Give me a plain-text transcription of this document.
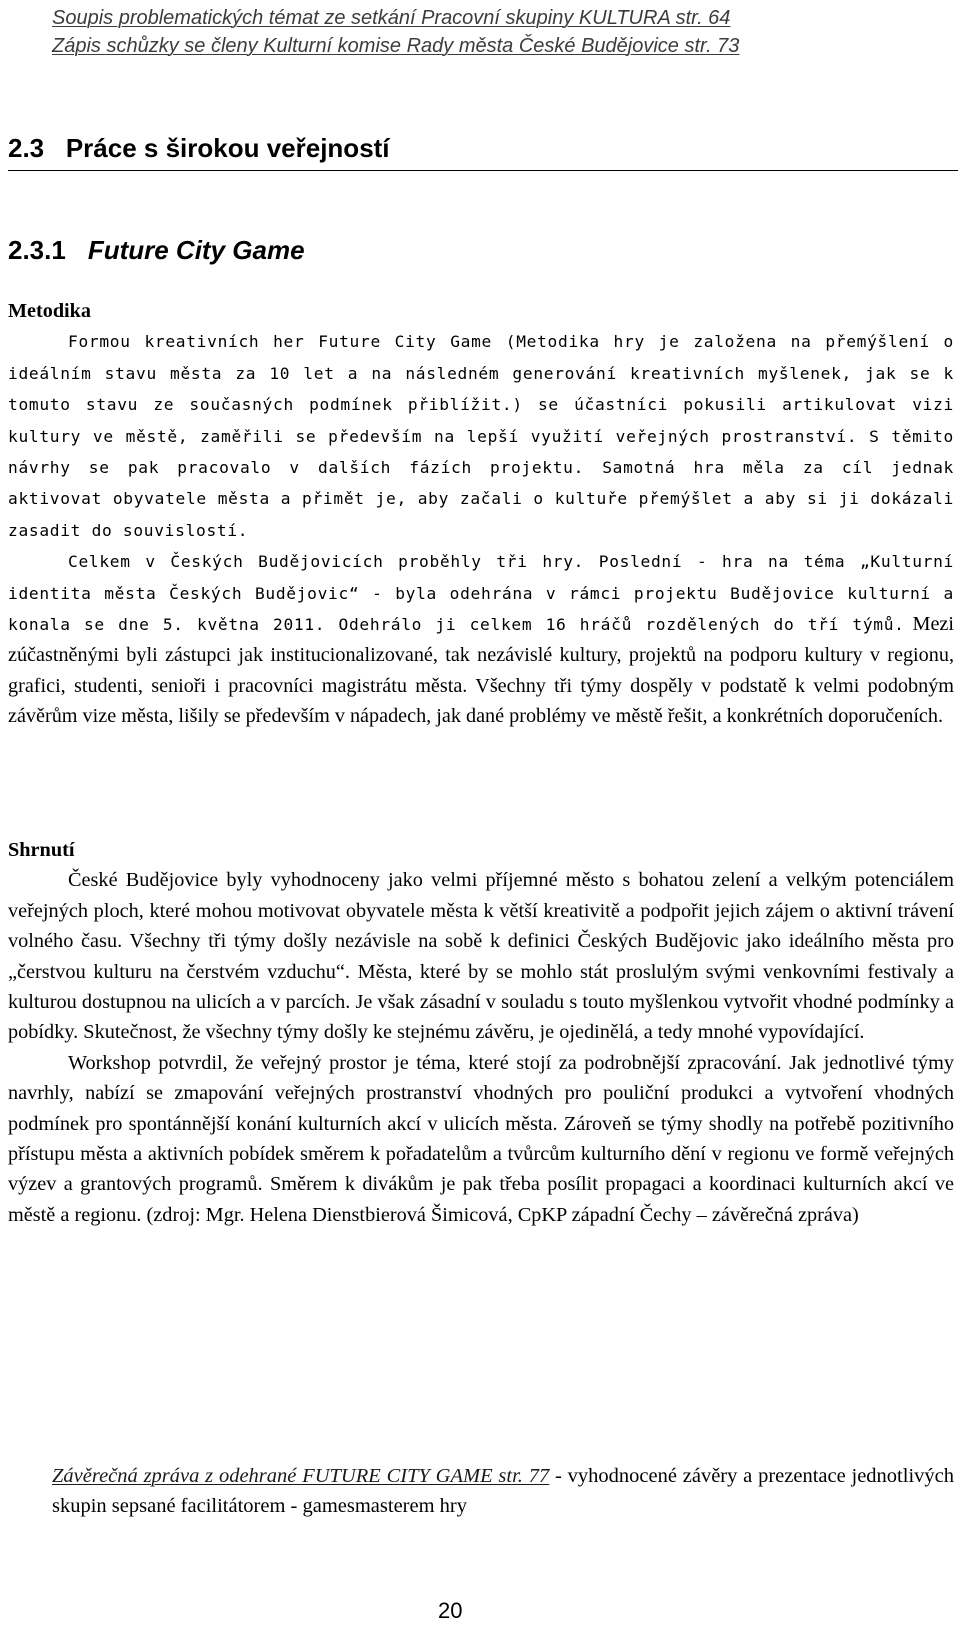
Soupis problematických témat ze setkání Pracovní skupiny KULTURA str. 64
Zápis schůzky se členy Kulturní komise Rady města České Budějovice str. 73
2.3 Práce s širokou veřejností
2.3.1 Future City Game
Metodika

Formou kreativních her Future City Game (Metodika hry je založena na přemýšlení o ideálním stavu města za 10 let a na následném generování kreativních myšlenek, jak se k tomuto stavu ze současných podmínek přiblížit.) se účastníci pokusili artikulovat vizi kultury ve městě, zaměřili se především na lepší využití veřejných prostranství. S těmito návrhy se pak pracovalo v dalších fázích projektu. Samotná hra měla za cíl jednak aktivovat obyvatele města a přimět je, aby začali o kultuře přemýšlet a aby si ji dokázali zasadit do souvislostí.

Celkem v Českých Budějovicích proběhly tři hry. Poslední - hra na téma „Kulturní identita města Českých Budějovic“ - byla odehrána v rámci projektu Budějovice kulturní a konala se dne 5. května 2011. Odehrálo ji celkem 16 hráčů rozdělených do tří týmů. Mezi zúčastněnými byli zástupci jak institucionalizované, tak nezávislé kultury, projektů na podporu kultury v regionu, grafici, studenti, senioři i pracovníci magistrátu města. Všechny tři týmy dospěly v podstatě k velmi podobným závěrům vize města, lišily se především v nápadech, jak dané problémy ve městě řešit, a konkrétních doporučeních.

Shrnutí

České Budějovice byly vyhodnoceny jako velmi příjemné město s bohatou zelení a velkým potenciálem veřejných ploch, které mohou motivovat obyvatele města k větší kreativitě a podpořit jejich zájem o aktivní trávení volného času. Všechny tři týmy došly nezávisle na sobě k definici Českých Budějovic jako ideálního města pro „čerstvou kulturu na čerstvém vzduchu“. Města, které by se mohlo stát proslulým svými venkovními festivaly a kulturou dostupnou na ulicích a v parcích. Je však zásadní v souladu s touto myšlenkou vytvořit vhodné podmínky a pobídky. Skutečnost, že všechny týmy došly ke stejnému závěru, je ojedinělá, a tedy mnohé vypovídající.

Workshop potvrdil, že veřejný prostor je téma, které stojí za podrobnější zpracování. Jak jednotlivé týmy navrhly, nabízí se zmapování veřejných prostranství vhodných pro pouliční produkci a vytvoření vhodných podmínek pro spontánnější konání kulturních akcí v ulicích města. Zároveň se týmy shodly na potřebě pozitivního přístupu města a aktivních pobídek směrem k pořadatelům a tvůrcům kulturního dění v regionu ve formě veřejných výzev a grantových programů. Směrem k divákům je pak třeba posílit propagaci a koordinaci kulturních akcí ve městě a regionu. (zdroj: Mgr. Helena Dienstbierová Šimicová, CpKP západní Čechy – závěrečná zpráva)

Závěrečná zpráva z odehrané FUTURE CITY GAME str. 77 - vyhodnocené závěry a prezentace jednotlivých skupin sepsané facilitátorem - gamesmasterem hry
20
